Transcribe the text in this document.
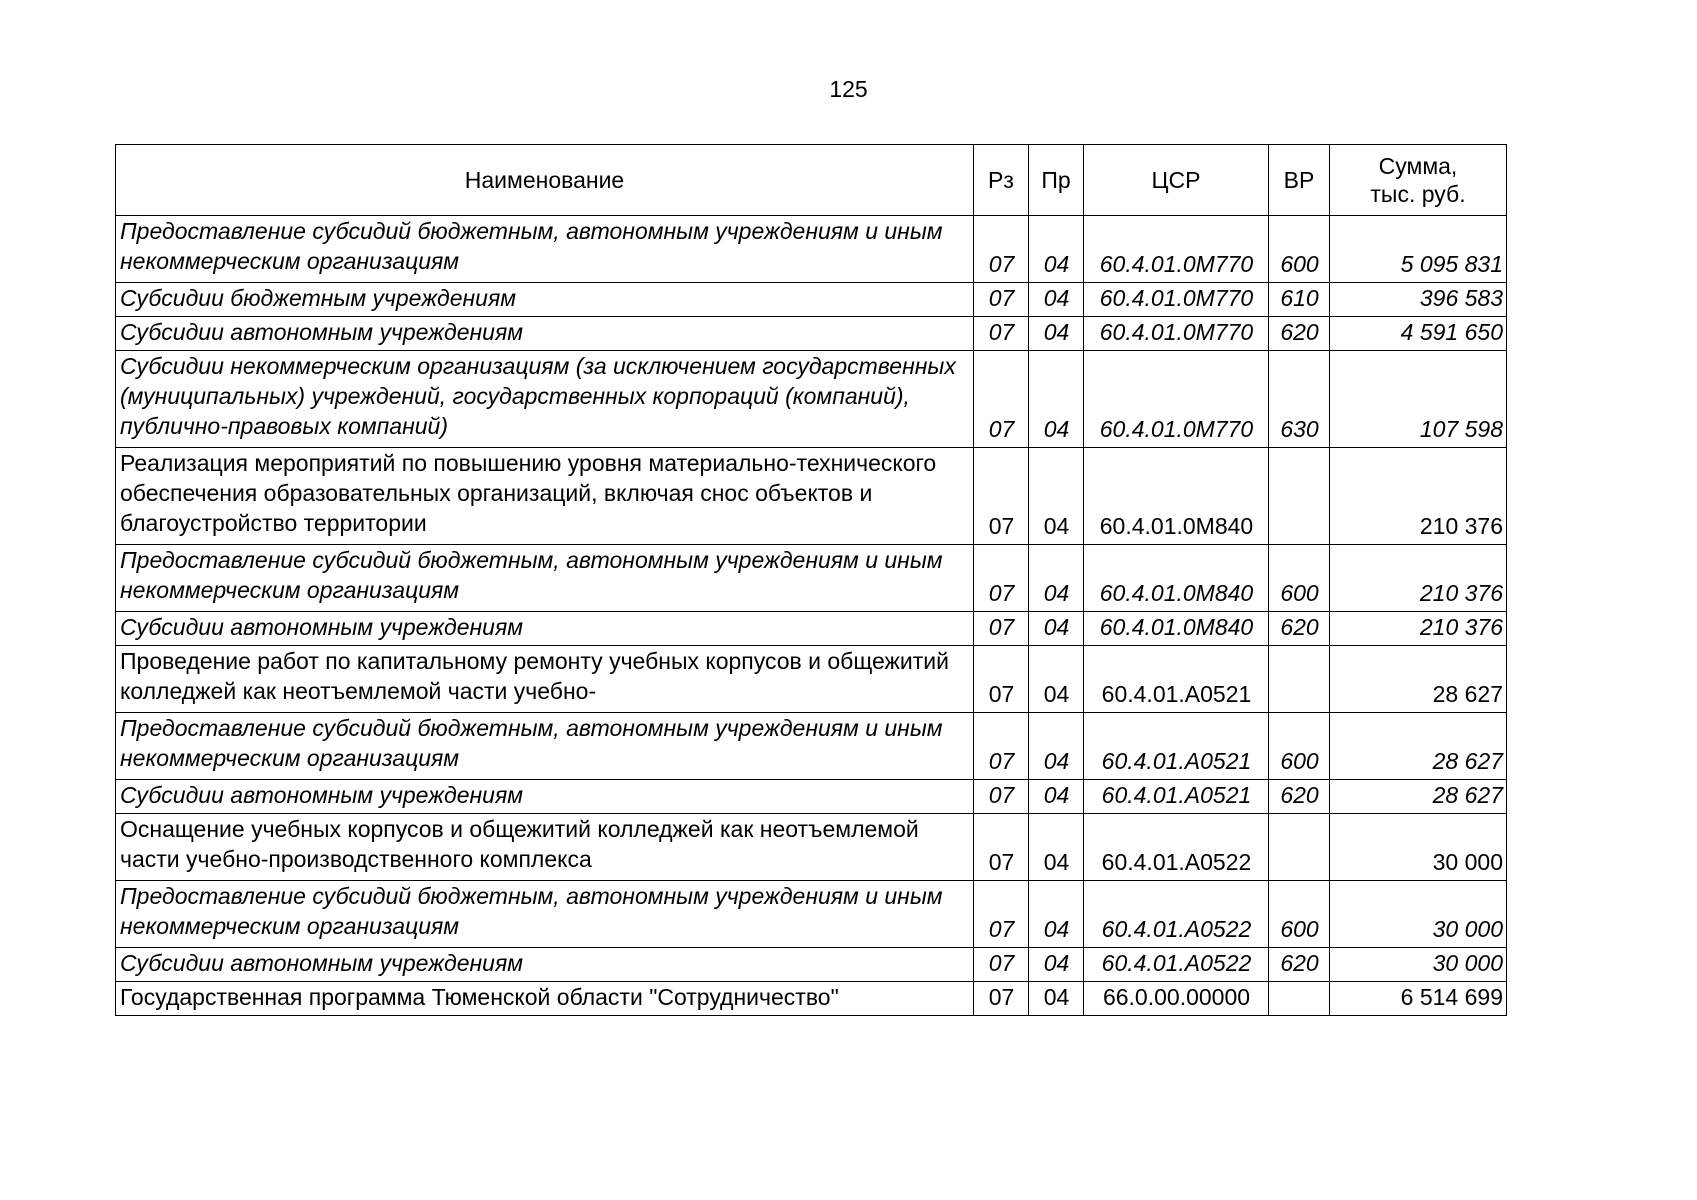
125
Наименование	Рз	Пр	ЦСР	ВР	Сумма,
тыс. руб.

Предоставление субсидий бюджетным, автономным учреждениям и иным некоммерческим организациям	07	04	60.4.01.0М770	600	5 095 831
Субсидии бюджетным учреждениям	07	04	60.4.01.0М770	610	396 583
Субсидии автономным учреждениям	07	04	60.4.01.0М770	620	4 591 650
Субсидии некоммерческим организациям (за исключением государственных (муниципальных) учреждений, государственных корпораций (компаний), публично-правовых компаний)	07	04	60.4.01.0М770	630	107 598
Реализация мероприятий по повышению уровня материально-технического обеспечения образовательных организаций, включая снос объектов и благоустройство территории	07	04	60.4.01.0М840		210 376
Предоставление субсидий бюджетным, автономным учреждениям и иным некоммерческим организациям	07	04	60.4.01.0М840	600	210 376
Субсидии автономным учреждениям	07	04	60.4.01.0М840	620	210 376
Проведение работ по капитальному ремонту учебных корпусов и общежитий колледжей как неотъемлемой части учебно-	07	04	60.4.01.А0521		28 627
Предоставление субсидий бюджетным, автономным учреждениям и иным некоммерческим организациям	07	04	60.4.01.А0521	600	28 627
Субсидии автономным учреждениям	07	04	60.4.01.А0521	620	28 627
Оснащение учебных корпусов и общежитий колледжей как неотъемлемой части учебно-производственного комплекса	07	04	60.4.01.А0522		30 000
Предоставление субсидий бюджетным, автономным учреждениям и иным некоммерческим организациям	07	04	60.4.01.А0522	600	30 000
Субсидии автономным учреждениям	07	04	60.4.01.А0522	620	30 000
Государственная программа Тюменской области "Сотрудничество"	07	04	66.0.00.00000		6 514 699
